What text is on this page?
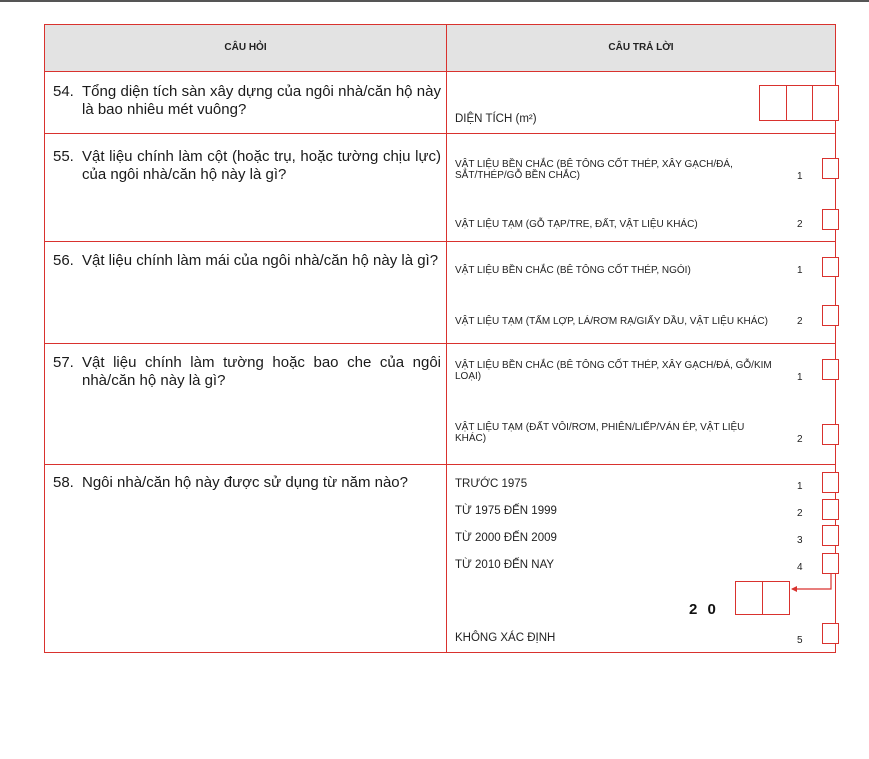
CÂU HỎI	CÂU TRẢ LỜI
54. Tổng diện tích sàn xây dựng của ngôi nhà/căn hộ này là bao nhiêu mét vuông?
DIỆN TÍCH (m²)
55. Vật liệu chính làm cột (hoặc trụ, hoặc tường chịu lực) của ngôi nhà/căn hộ này là gì?
VẬT LIỆU BỀN CHẮC (BÊ TÔNG CỐT THÉP, XÂY GẠCH/ĐÁ, SẮT/THÉP/GỖ BỀN CHẮC)	1
VẬT LIỆU TẠM (GỖ TẠP/TRE, ĐẤT, VẬT LIỆU KHÁC)	2
56. Vật liệu chính làm mái của ngôi nhà/căn hộ này là gì?
VẬT LIỆU BỀN CHẮC (BÊ TÔNG CỐT THÉP, NGÓI)	1
VẬT LIỆU TẠM (TẤM LỢP, LÁ/RƠM RẠ/GIẤY DẦU, VẬT LIỆU KHÁC)	2
57. Vật liệu chính làm tường hoặc bao che của ngôi nhà/căn hộ này là gì?
VẬT LIỆU BỀN CHẮC (BÊ TÔNG CỐT THÉP, XÂY GẠCH/ĐÁ, GỖ/KIM LOẠI)	1
VẬT LIỆU TẠM (ĐẤT VÔI/RƠM, PHIÊN/LIẾP/VÁN ÉP, VẬT LIỆU KHÁC)	2
58. Ngôi nhà/căn hộ này được sử dụng từ năm nào?	TRƯỚC 1975	1
TỪ 1975 ĐẾN 1999	2
TỪ 2000 ĐẾN 2009	3
TỪ 2010 ĐẾN NAY	4
2 0
KHÔNG XÁC ĐỊNH	5
